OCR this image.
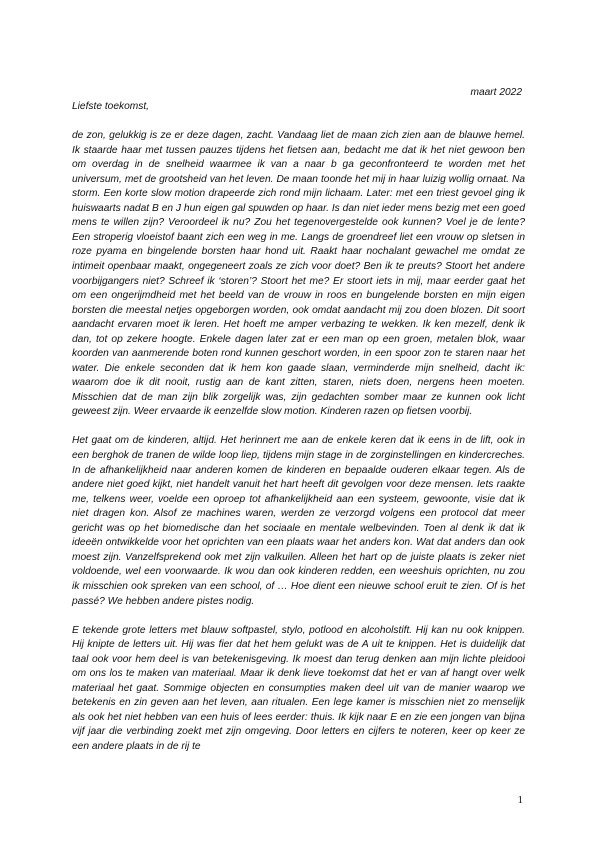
maart 2022

Liefste toekomst,

de zon, gelukkig is ze er deze dagen, zacht. Vandaag liet de maan zich zien aan de blauwe hemel. Ik staarde haar met tussen pauzes tijdens het fietsen aan, bedacht me dat ik het niet gewoon ben om overdag in de snelheid waarmee ik van a naar b ga geconfronteerd te worden met het universum, met de grootsheid van het leven. De maan toonde het mij in haar luizig wollig ornaat. Na storm. Een korte slow motion drapeerde zich rond mijn lichaam. Later: met een triest gevoel ging ik huiswaarts nadat B en J hun eigen gal spuwden op haar. Is dan niet ieder mens bezig met een goed mens te willen zijn? Veroordeel ik nu? Zou het tegenovergestelde ook kunnen? Voel je de lente? Een stroperig vloeistof baant zich een weg in me. Langs de groendreef liet een vrouw op sletsen in roze pyama en bingelende borsten haar hond uit. Raakt haar nochalant gewachel me omdat ze intimeit openbaar maakt, ongegeneert zoals ze zich voor doet? Ben ik te preuts? Stoort het andere voorbijgangers niet? Schreef ik ‘storen’? Stoort het me? Er stoort iets in mij, maar eerder gaat het om een ongerijmdheid met het beeld van de vrouw in roos en bungelende borsten en mijn eigen borsten die meestal netjes opgeborgen worden, ook omdat aandacht mij zou doen blozen. Dit soort aandacht ervaren moet ik leren. Het hoeft me amper verbazing te wekken. Ik ken mezelf, denk ik dan, tot op zekere hoogte. Enkele dagen later zat er een man op een groen, metalen blok, waar koorden van aanmerende boten rond kunnen geschort worden, in een spoor zon te staren naar het water. Die enkele seconden dat ik hem kon gaade slaan, verminderde mijn snelheid, dacht ik: waarom doe ik dit nooit, rustig aan de kant zitten, staren, niets doen, nergens heen moeten. Misschien dat de man zijn blik zorgelijk was, zijn gedachten somber maar ze kunnen ook licht geweest zijn. Weer ervaarde ik eenzelfde slow motion. Kinderen razen op fietsen voorbij.

Het gaat om de kinderen, altijd. Het herinnert me aan de enkele keren dat ik eens in de lift, ook in een berghok de tranen de wilde loop liep, tijdens mijn stage in de zorginstellingen en kindercreches. In de afhankelijkheid naar anderen komen de kinderen en bepaalde ouderen elkaar tegen. Als de andere niet goed kijkt, niet handelt vanuit het hart heeft dit gevolgen voor deze mensen. Iets raakte me, telkens weer, voelde een oproep tot afhankelijkheid aan een systeem, gewoonte, visie dat ik niet dragen kon. Alsof ze machines waren, werden ze verzorgd volgens een protocol dat meer gericht was op het biomedische dan het sociaale en mentale welbevinden. Toen al denk ik dat ik ideeën ontwikkelde voor het oprichten van een plaats waar het anders kon. Wat dat anders dan ook moest zijn. Vanzelfsprekend ook met zijn valkuilen. Alleen het hart op de juiste plaats is zeker niet voldoende, wel een voorwaarde. Ik wou dan ook kinderen redden, een weeshuis oprichten, nu zou ik misschien ook spreken van een school, of … Hoe dient een nieuwe school eruit te zien. Of is het passé? We hebben andere pistes nodig.

E tekende grote letters met blauw softpastel, stylo, potlood en alcoholstift. Hij kan nu ook knippen. Hij knipte de letters uit. Hij was fier dat het hem gelukt was de A uit te knippen. Het is duidelijk dat taal ook voor hem deel is van betekenisgeving. Ik moest dan terug denken aan mijn lichte pleidooi om ons los te maken van materiaal. Maar ik denk lieve toekomst dat het er van af hangt over welk materiaal het gaat. Sommige objecten en consumpties maken deel uit van de manier waarop we betekenis en zin geven aan het leven, aan ritualen. Een lege kamer is misschien niet zo menselijk als ook het niet hebben van een huis of lees eerder: thuis. Ik kijk naar E en zie een jongen van bijna vijf jaar die verbinding zoekt met zijn omgeving. Door letters en cijfers te noteren, keer op keer ze een andere plaats in de rij te

1
